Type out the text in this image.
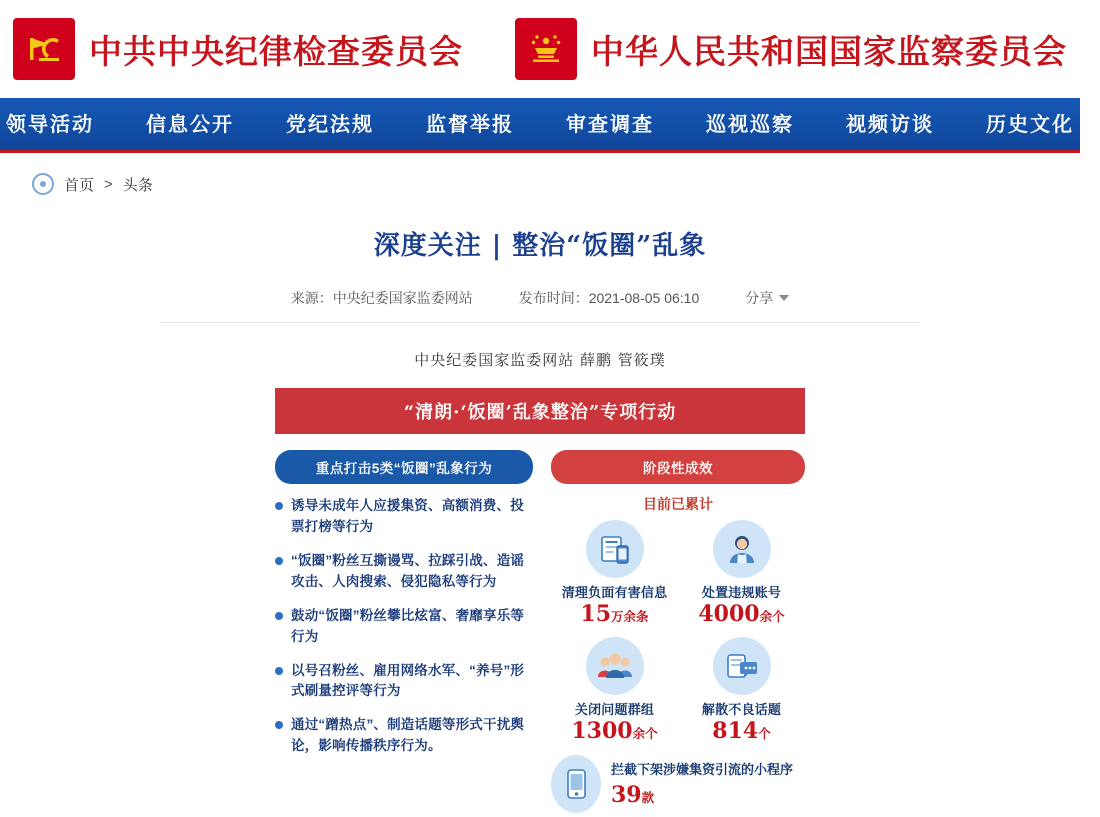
中共中央纪律检查委员会	中华人民共和国国家监察委员会
领导活动	信息公开	党纪法规	监督举报	审查调查	巡视巡察	视频访谈	历史文化
首页 > 头条
深度关注 | 整治“饭圈”乱象
来源：中央纪委国家监委网站	发布时间：2021-08-05 06:10	分享
中央纪委国家监委网站 薛鹏 管筱璞
“清朗·‘饭圈’乱象整治”专项行动
重点打击5类“饭圈”乱象行为
诱导未成年人应援集资、高额消费、投票打榜等行为
“饭圈”粉丝互撕谩骂、拉踩引战、造谣攻击、人肉搜索、侵犯隐私等行为
鼓动“饭圈”粉丝攀比炫富、奢靡享乐等行为
以号召粉丝、雇用网络水军、“养号”形式刷量控评等行为
通过“蹭热点”、制造话题等形式干扰舆论，影响传播秩序行为。
阶段性成效
目前已累计
清理负面有害信息
15万余条
处置违规账号
4000余个
关闭问题群组
1300余个
解散不良话题
814个
拦截下架涉嫌集资引流的小程序39款
